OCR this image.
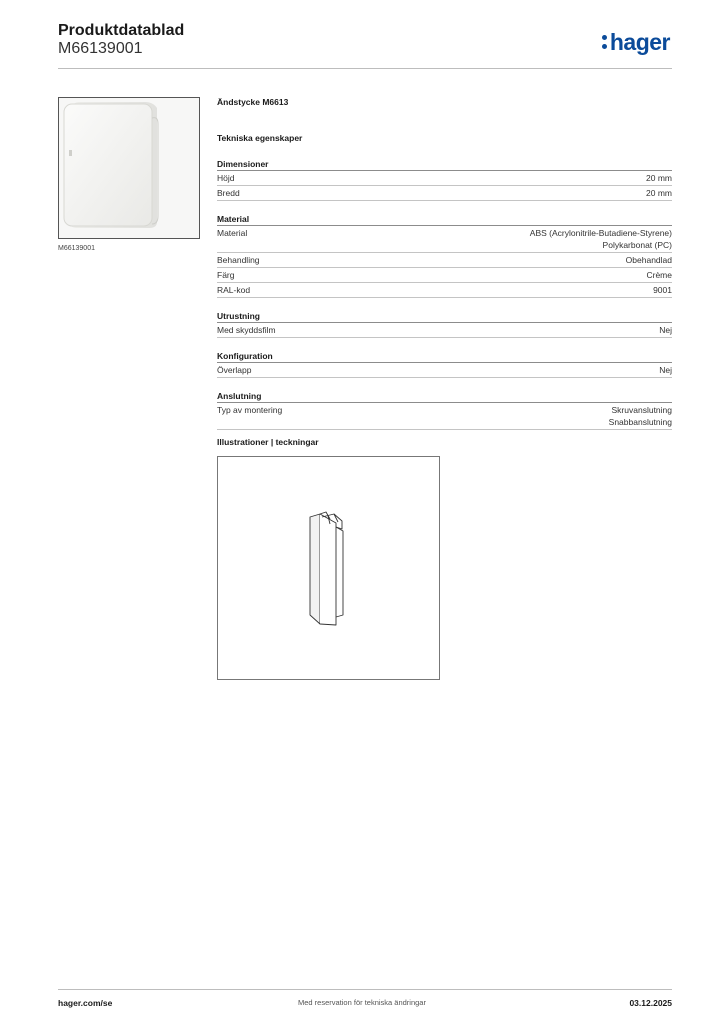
Produktdatablad
M66139001	hager
M66139001
Ändstycke M6613
Tekniska egenskaper
Dimensioner
Höjd	20 mm
Bredd	20 mm
Material
Material	ABS (Acrylonitrile-Butadiene-Styrene)
Polykarbonat (PC)
Behandling	Obehandlad
Färg	Crème
RAL-kod	9001
Utrustning
Med skyddsfilm	Nej
Konfiguration
Överlapp	Nej
Anslutning
Typ av montering	Skruvanslutning
Snabbanslutning
Illustrationer | teckningar
hager.com/se	Med reservation för tekniska ändringar	03.12.2025
